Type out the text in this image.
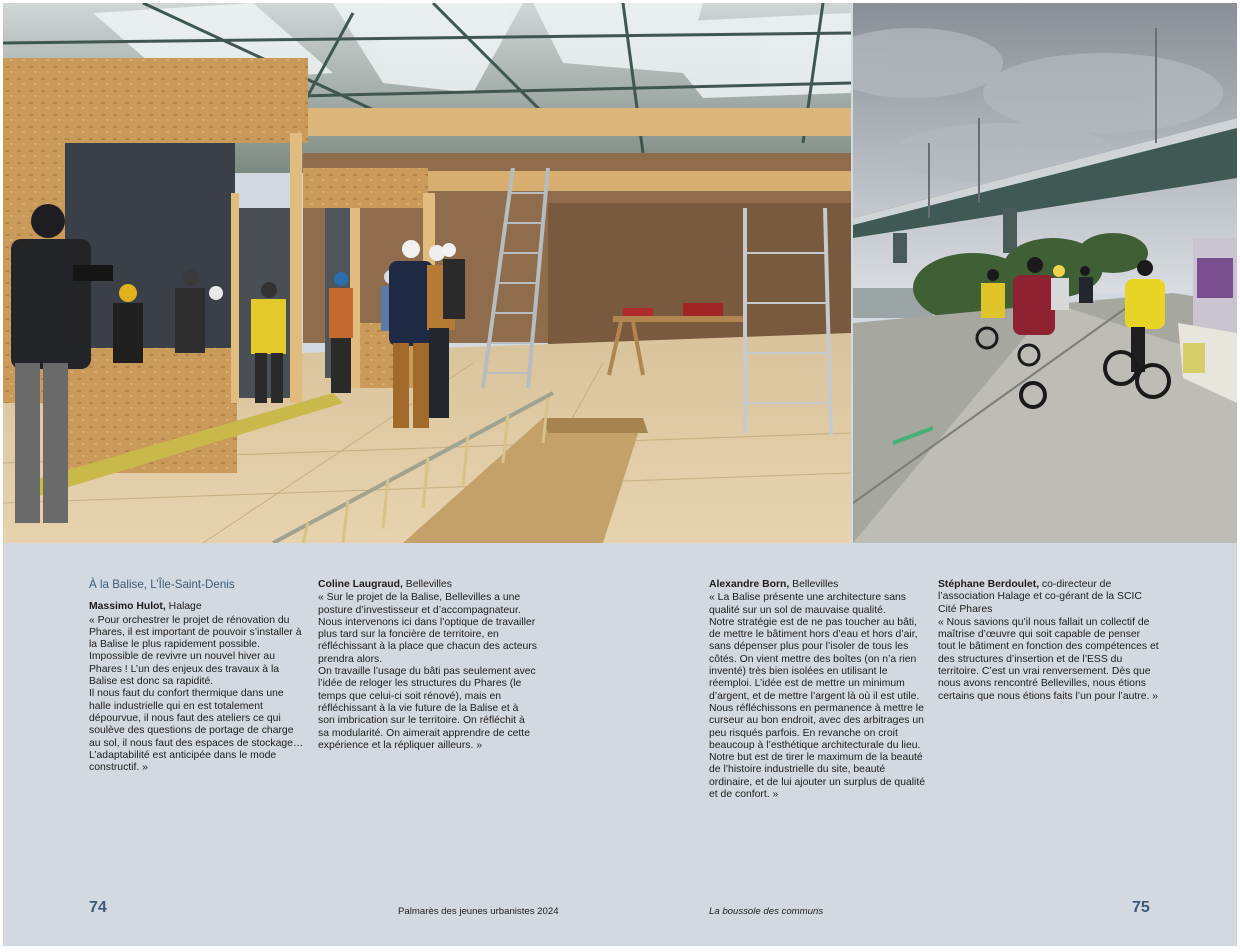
À la Balise, L’Île-Saint-Denis

Massimo Hulot, Halage

« Pour orchestrer le projet de rénovation du Phares, il est important de pouvoir s’installer à la Balise le plus rapidement possible. Impossible de revivre un nouvel hiver au Phares ! L’un des enjeux des travaux à la Balise est donc sa rapidité.
Il nous faut du confort thermique dans une halle industrielle qui en est totalement dépourvue, il nous faut des ateliers ce qui soulève des questions de portage de charge au sol, il nous faut des espaces de stockage… L’adaptabilité est anticipée dans le mode constructif. »

Coline Laugraud, Bellevilles

« Sur le projet de la Balise, Bellevilles a une posture d’investisseur et d’accompagnateur. Nous intervenons ici dans l’optique de travailler plus tard sur la foncière de territoire, en réfléchissant à la place que chacun des acteurs prendra alors.
On travaille l’usage du bâti pas seulement avec l’idée de reloger les structures du Phares (le temps que celui-ci soit rénové), mais en réfléchissant à la vie future de la Balise et à son imbrication sur le territoire. On réfléchit à sa modularité. On aimerait apprendre de cette expérience et la répliquer ailleurs. »

Alexandre Born, Bellevilles

« La Balise présente une architecture sans qualité sur un sol de mauvaise qualité.
Notre stratégie est de ne pas toucher au bâti, de mettre le bâtiment hors d’eau et hors d’air, sans dépenser plus pour l’isoler de tous les côtés. On vient mettre des boîtes (on n’a rien inventé) très bien isolées en utilisant le réemploi. L’idée est de mettre un minimum d’argent, et de mettre l’argent là où il est utile. Nous réfléchissons en permanence à mettre le curseur au bon endroit, avec des arbitrages un peu risqués parfois. En revanche on croit beaucoup à l’esthétique architecturale du lieu. Notre but est de tirer le maximum de la beauté de l’histoire industrielle du site, beauté ordinaire, et de lui ajouter un surplus de qualité et de confort. »

Stéphane Berdoulet, co-directeur de l’association Halage et co-gérant de la SCIC Cité Phares

« Nous savions qu’il nous fallait un collectif de maîtrise d’œuvre qui soit capable de penser tout le bâtiment en fonction des compétences et des structures d’insertion et de l’ESS du territoire. C’est un vrai renversement. Dès que nous avons rencontré Bellevilles, nous étions certains que nous étions faits l’un pour l’autre. »

74	Palmarès des jeunes urbanistes 2024	La boussole des communs	75
